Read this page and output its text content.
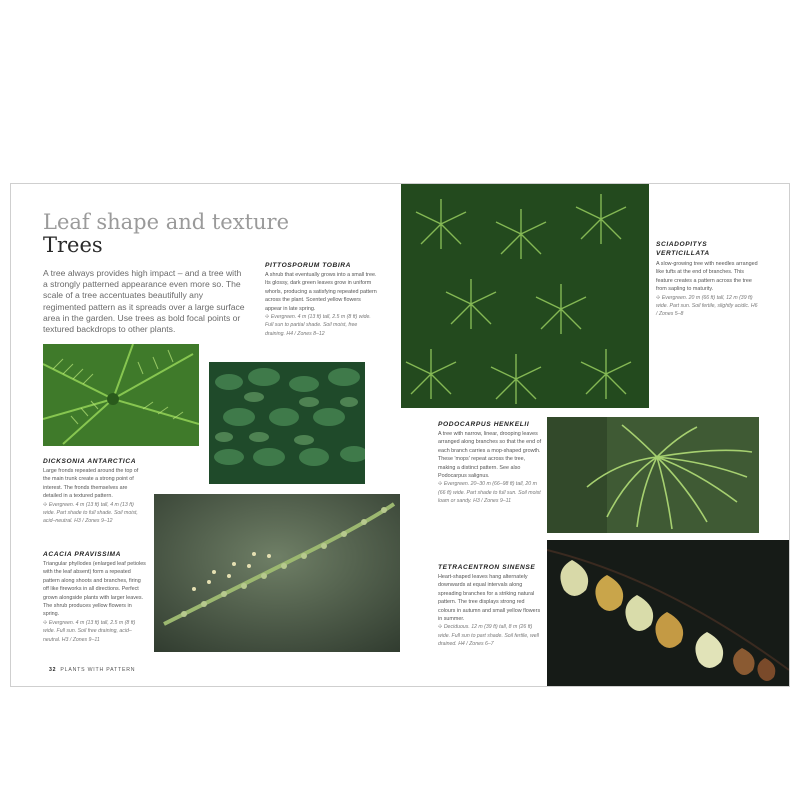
Leaf shape and texture
Trees
A tree always provides high impact – and a tree with a strongly patterned appearance even more so. The scale of a tree accentuates beautifully any regimented pattern as it spreads over a large surface area in the garden. Use trees as bold focal points or textured backdrops to other plants.
PITTOSPORUM TOBIRA
A shrub that eventually grows into a small tree. Its glossy, dark green leaves grow in uniform whorls, producing a satisfying repeated pattern across the plant. Scented yellow flowers appear in late spring.
✣ Evergreen. 4 m (13 ft) tall, 2.5 m (8 ft) wide. Full sun to partial shade. Soil moist, free draining. H4 / Zones 8–12
DICKSONIA ANTARCTICA
Large fronds repeated around the top of the main trunk create a strong point of interest. The fronds themselves are detailed in a textured pattern.
✣ Evergreen. 4 m (13 ft) tall, 4 m (13 ft) wide. Part shade to full shade. Soil moist, acid–neutral. H3 / Zones 9–12
ACACIA PRAVISSIMA
Triangular phyllodes (enlarged leaf petioles with the leaf absent) form a repeated pattern along shoots and branches, firing off like fireworks in all directions. Perfect grown alongside plants with larger leaves. The shrub produces yellow flowers in spring.
✣ Evergreen. 4 m (13 ft) tall, 2.5 m (8 ft) wide. Full sun. Soil free draining, acid–neutral. H3 / Zones 9–11
32 PLANTS WITH PATTERN
SCIADOPITYS VERTICILLATA
A slow-growing tree with needles arranged like tufts at the end of branches. This feature creates a pattern across the tree from sapling to maturity.
✣ Evergreen. 20 m (66 ft) tall, 12 m (39 ft) wide. Part sun. Soil fertile, slightly acidic. H6 / Zones 5–8
PODOCARPUS HENKELII
A tree with narrow, linear, drooping leaves arranged along branches so that the end of each branch carries a mop-shaped growth. These 'mops' repeat across the tree, making a distinct pattern. See also Podocarpus salignus.
✣ Evergreen. 20–30 m (66–98 ft) tall, 20 m (66 ft) wide. Part shade to full sun. Soil moist loam or sandy. H3 / Zones 9–11
TETRACENTRON SINENSE
Heart-shaped leaves hang alternately downwards at equal intervals along spreading branches for a striking natural pattern. The tree displays strong red colours in autumn and small yellow flowers in summer.
✣ Deciduous. 12 m (39 ft) tall, 8 m (26 ft) wide. Full sun to part shade. Soil fertile, well drained. H4 / Zones 6–7
